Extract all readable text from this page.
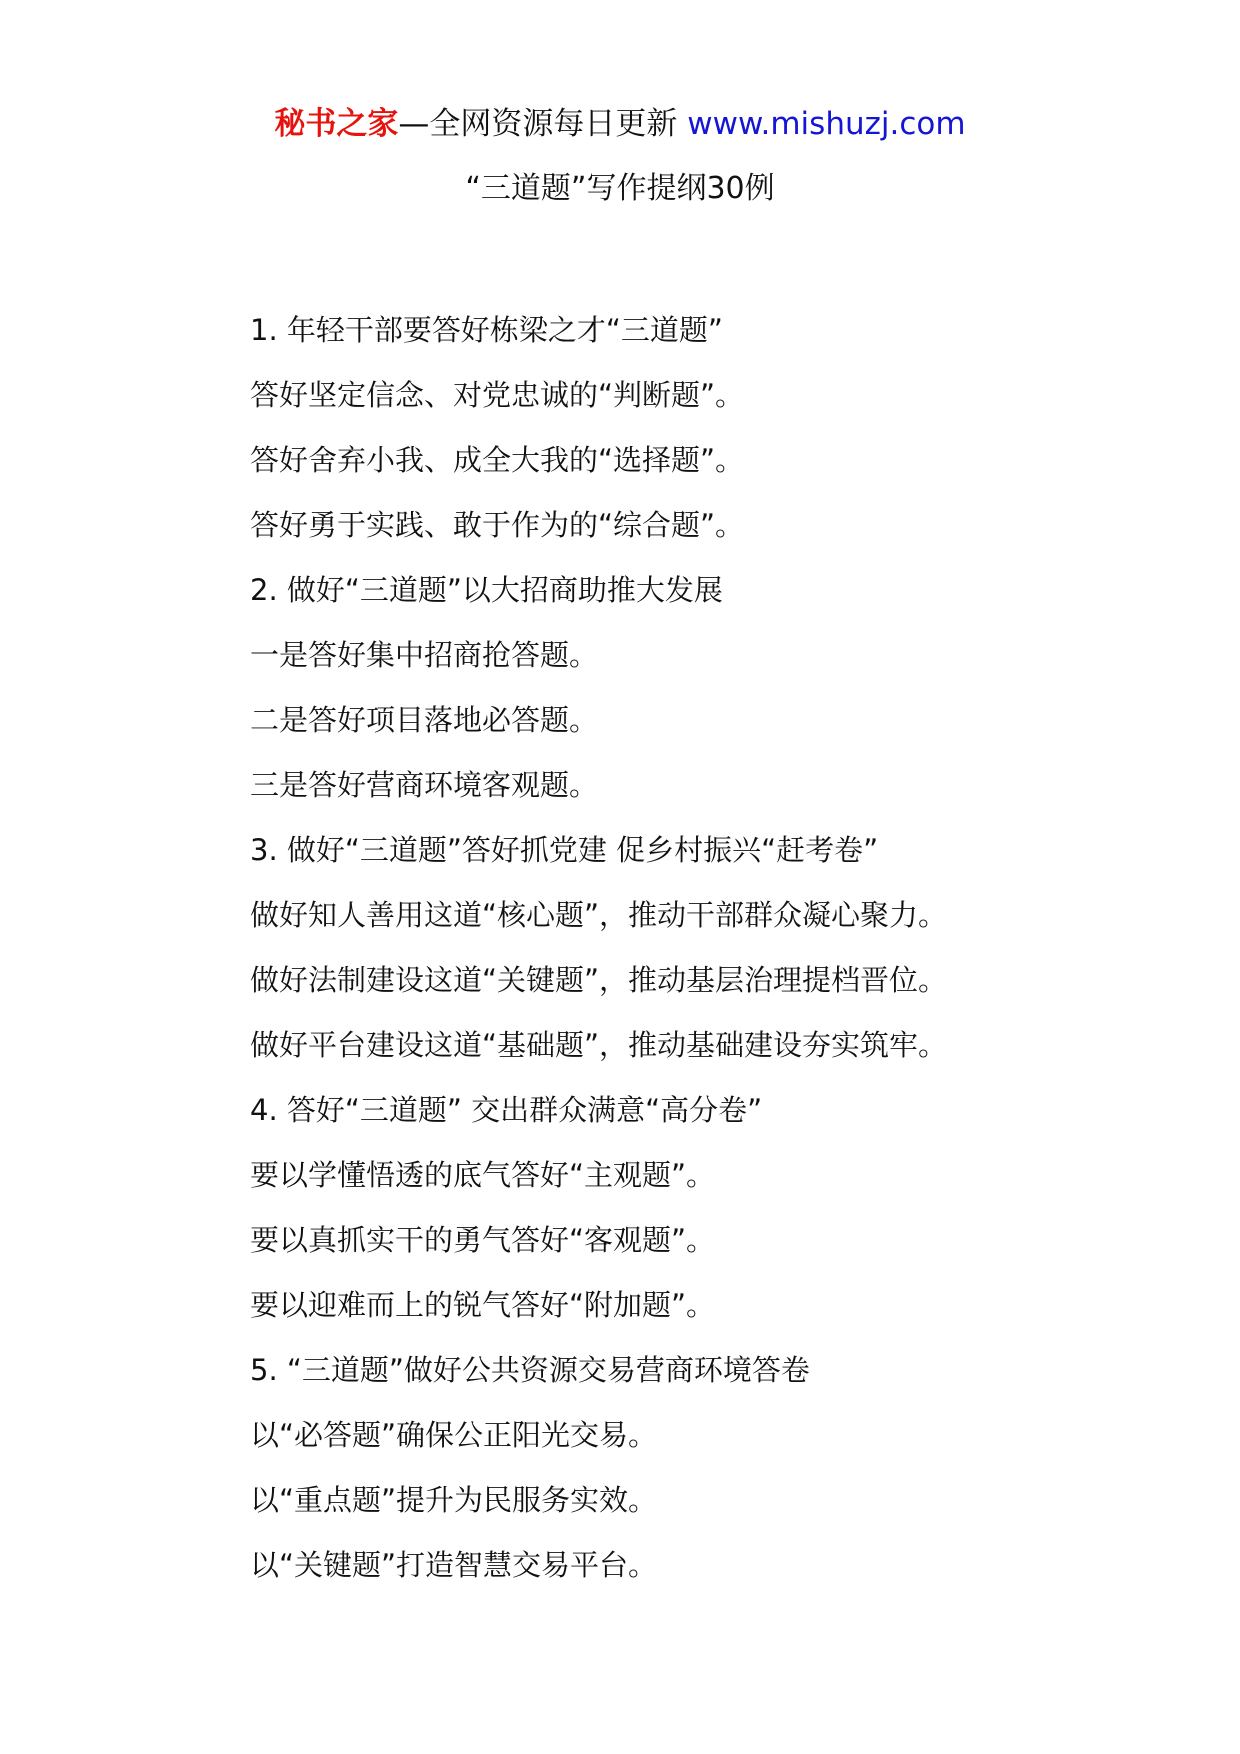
秘书之家—全网资源每日更新 www.mishuzj.com
“三道题”写作提纲30例
1. 年轻干部要答好栋梁之才“三道题”
答好坚定信念、对党忠诚的“判断题”。
答好舍弃小我、成全大我的“选择题”。
答好勇于实践、敢于作为的“综合题”。
2. 做好“三道题”以大招商助推大发展
一是答好集中招商抢答题。
二是答好项目落地必答题。
三是答好营商环境客观题。
3. 做好“三道题”答好抓党建 促乡村振兴“赶考卷”
做好知人善用这道“核心题”，推动干部群众凝心聚力。
做好法制建设这道“关键题”，推动基层治理提档晋位。
做好平台建设这道“基础题”，推动基础建设夯实筑牢。
4. 答好“三道题” 交出群众满意“高分卷”
要以学懂悟透的底气答好“主观题”。
要以真抓实干的勇气答好“客观题”。
要以迎难而上的锐气答好“附加题”。
5. “三道题”做好公共资源交易营商环境答卷
以“必答题”确保公正阳光交易。
以“重点题”提升为民服务实效。
以“关键题”打造智慧交易平台。
